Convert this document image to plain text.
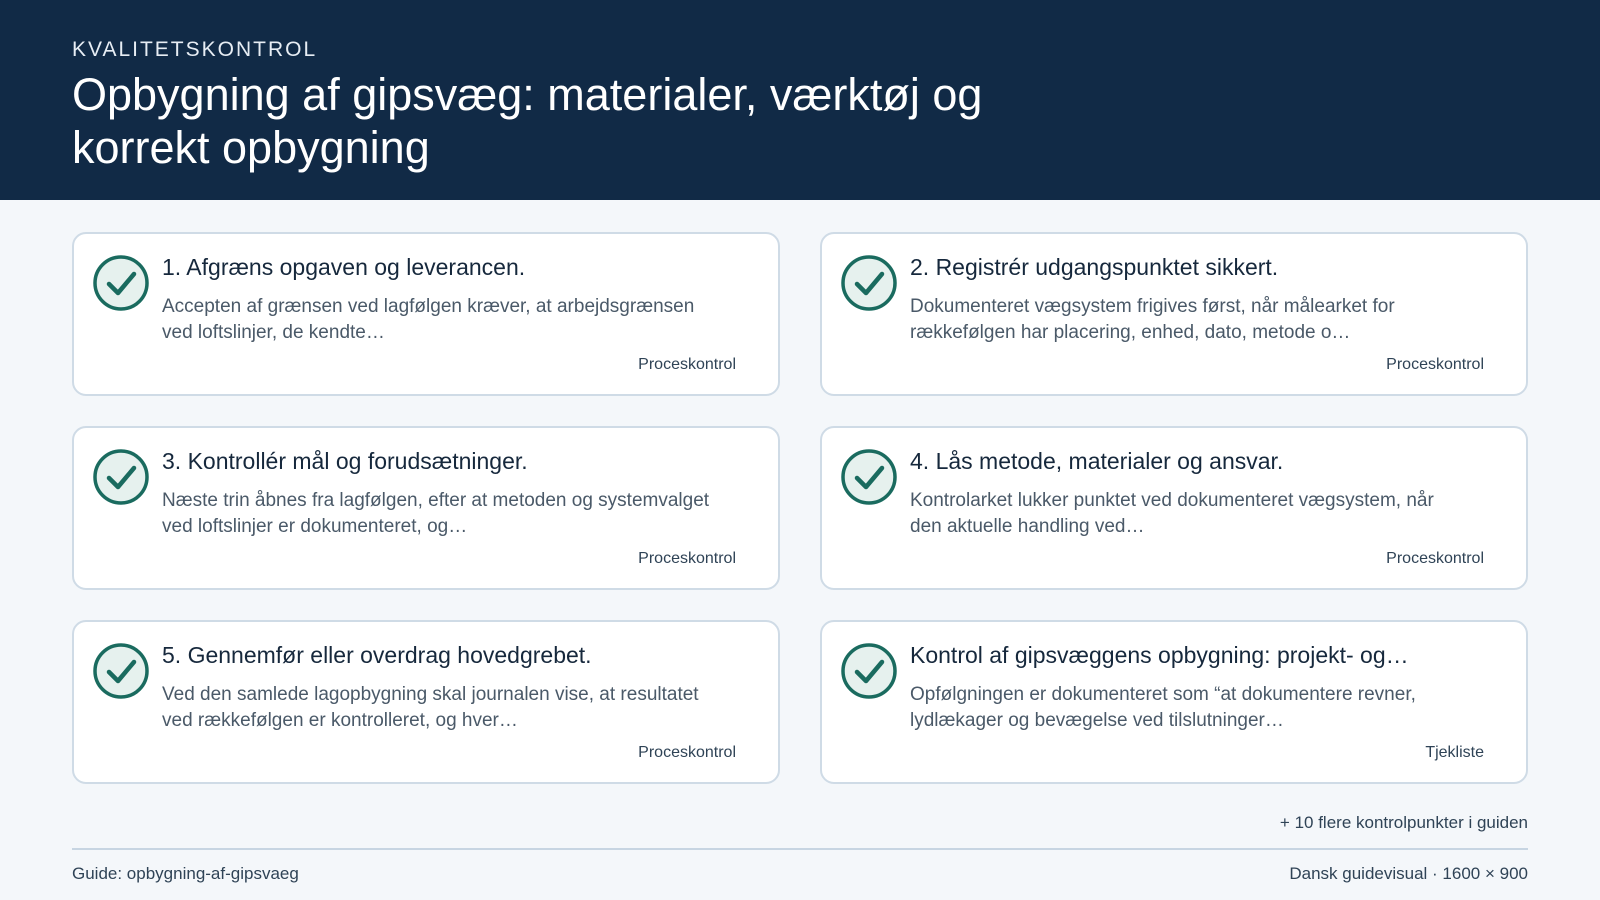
KVALITETSKONTROL
Opbygning af gipsvæg: materialer, værktøj og korrekt opbygning
1. Afgræns opgaven og leverancen.
Accepten af grænsen ved lagfølgen kræver, at arbejdsgrænsen ved loftslinjer, de kendte…
Proceskontrol
2. Registrér udgangspunktet sikkert.
Dokumenteret vægsystem frigives først, når målearket for rækkefølgen har placering, enhed, dato, metode o…
Proceskontrol
3. Kontrollér mål og forudsætninger.
Næste trin åbnes fra lagfølgen, efter at metoden og systemvalget ved loftslinjer er dokumenteret, og…
Proceskontrol
4. Lås metode, materialer og ansvar.
Kontrolarket lukker punktet ved dokumenteret vægsystem, når den aktuelle handling ved…
Proceskontrol
5. Gennemfør eller overdrag hovedgrebet.
Ved den samlede lagopbygning skal journalen vise, at resultatet ved rækkefølgen er kontrolleret, og hver…
Proceskontrol
Kontrol af gipsvæggens opbygning: projekt- og…
Opfølgningen er dokumenteret som “at dokumentere revner, lydlækager og bevægelse ved tilslutninger…
Tjekliste
+ 10 flere kontrolpunkter i guiden
Guide: opbygning-af-gipsvaeg	Dansk guidevisual · 1600 × 900
